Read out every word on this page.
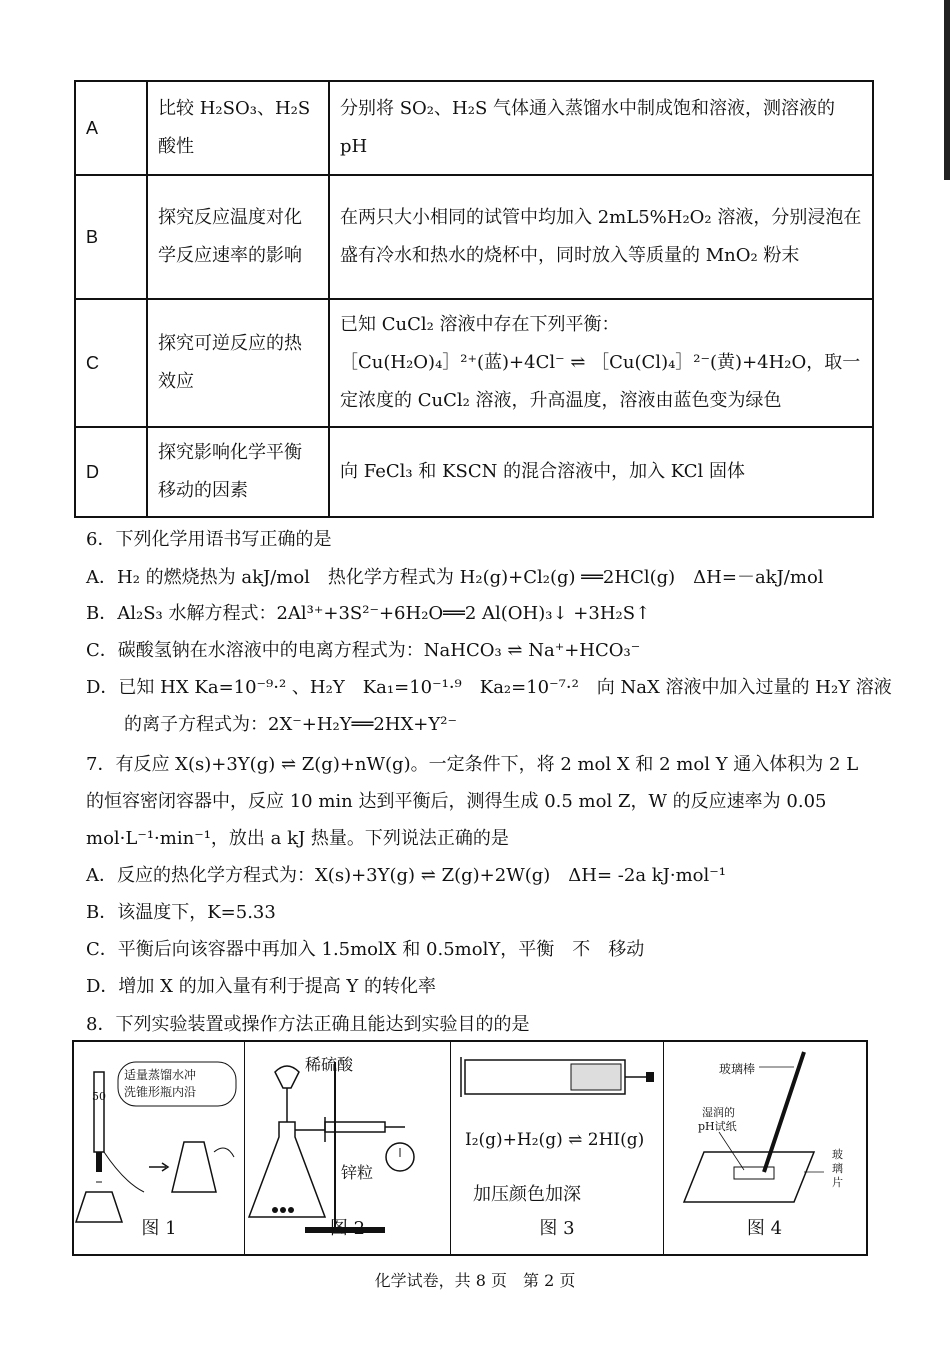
A	比较 H₂SO₃、H₂S 酸性	分别将 SO₂、H₂S 气体通入蒸馏水中制成饱和溶液，测溶液的 pH
B	探究反应温度对化学反应速率的影响	在两只大小相同的试管中均加入 2mL5%H₂O₂ 溶液，分别浸泡在盛有冷水和热水的烧杯中，同时放入等质量的 MnO₂ 粉末
C	探究可逆反应的热效应	已知 CuCl₂ 溶液中存在下列平衡：
［Cu(H₂O)₄］²⁺(蓝)+4Cl⁻ ⇌ ［Cu(Cl)₄］²⁻(黄)+4H₂O，取一定浓度的 CuCl₂ 溶液，升高温度，溶液由蓝色变为绿色

D	探究影响化学平衡移动的因素	向 FeCl₃ 和 KSCN 的混合溶液中，加入 KCl 固体
6．下列化学用语书写正确的是
A．H₂ 的燃烧热为 akJ/mol　热化学方程式为 H₂(g)+Cl₂(g) ══2HCl(g)　ΔH=－akJ/mol
B．Al₂S₃ 水解方程式：2Al³⁺+3S²⁻+6H₂O══2 Al(OH)₃↓ +3H₂S↑
C．碳酸氢钠在水溶液中的电离方程式为：NaHCO₃ ⇌ Na⁺+HCO₃⁻
D．已知 HX Ka=10⁻⁹·² 、H₂Y　Ka₁=10⁻¹·⁹　Ka₂=10⁻⁷·²　向 NaX 溶液中加入过量的 H₂Y 溶液
的离子方程式为：2X⁻+H₂Y══2HX+Y²⁻
7．有反应 X(s)+3Y(g) ⇌ Z(g)+nW(g)。一定条件下，将 2 mol X 和 2 mol Y 通入体积为 2 L
的恒容密闭容器中，反应 10 min 达到平衡后，测得生成 0.5 mol Z，W 的反应速率为 0.05
mol·L⁻¹·min⁻¹，放出 a kJ 热量。下列说法正确的是
A．反应的热化学方程式为：X(s)+3Y(g) ⇌ Z(g)+2W(g)　ΔH= -2a kJ·mol⁻¹
B．该温度下，K=5.33
C．平衡后向该容器中再加入 1.5molX 和 0.5molY，平衡　不　移动
D．增加 X 的加入量有利于提高 Y 的转化率
8．下列实验装置或操作方法正确且能达到实验目的的是
50
适量蒸馏水冲
洗锥形瓶内沿
图 1
稀硫酸
锌粒
图 2
I₂(g)+H₂(g) ⇌ 2HI(g)
加压颜色加深
图 3
玻璃棒
湿润的
pH试纸
玻
璃
片
图 4
化学试卷，共 8 页　第 2 页
